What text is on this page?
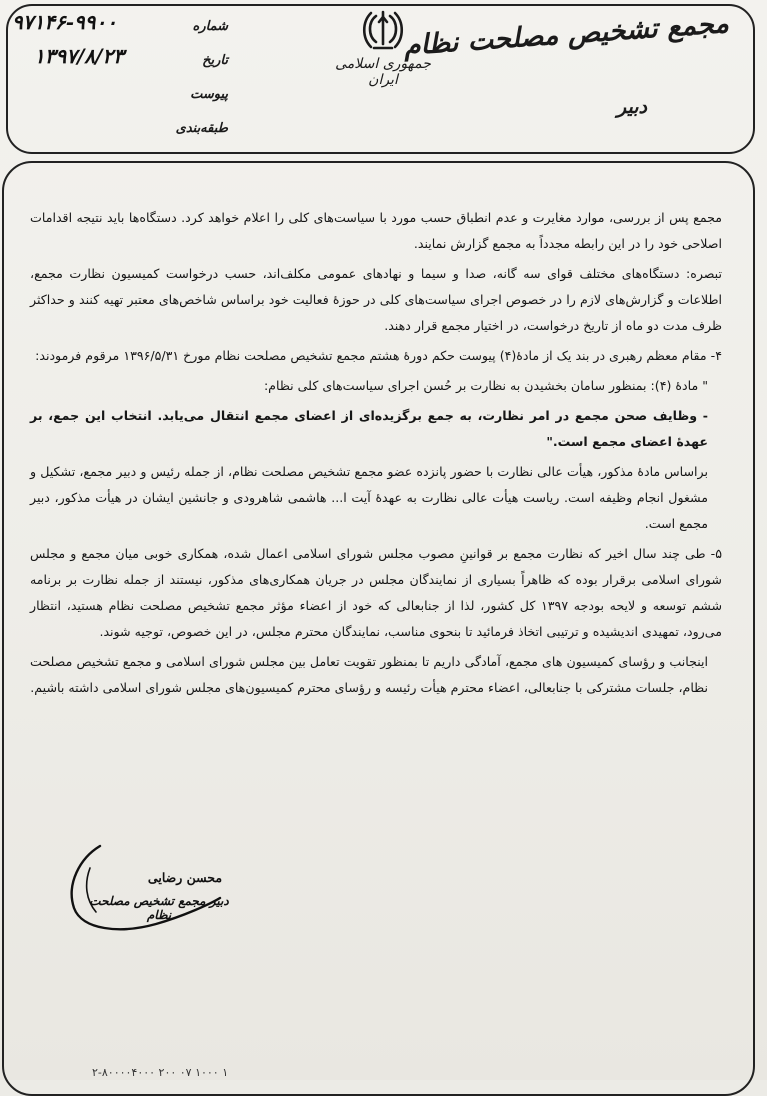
مجمع تشخیص مصلحت نظام
دبیر
جمهوری اسلامی ایران
شماره
تاریخ
پیوست
طبقه‌بندی
۹۷۱۴۶-۹۹۰۰
۱۳۹۷/۸/۲۳

مجمع پس از بررسی، موارد مغایرت و عدم انطباق حسب مورد با سیاست‌های کلی را اعلام خواهد کرد. دستگاه‌ها باید نتیجه اقدامات اصلاحی خود را در این رابطه مجدداً به مجمع گزارش نمایند.

تبصره: دستگاه‌های مختلف قوای سه گانه، صدا و سیما و نهادهای عمومی مکلف‌اند، حسب درخواست کمیسیون نظارت مجمع، اطلاعات و گزارش‌های لازم را در خصوص اجرای سیاست‌های کلی در حوزۀ فعالیت خود براساس شاخص‌های معتبر تهیه کنند و حداکثر ظرف مدت دو ماه از تاریخ درخواست، در اختیار مجمع قرار دهند.

۴- مقام معظم رهبری در بند یک از مادۀ(۴) پیوست حکم دورۀ هشتم مجمع تشخیص مصلحت نظام مورخ ۱۳۹۶/۵/۳۱ مرقوم فرمودند:

" مادۀ (۴): بمنظور سامان بخشیدن به نظارت بر حُسن اجرای سیاست‌های کلی نظام:

- وظایف صحن مجمع در امر نظارت، به جمع برگزیده‌ای از اعضای مجمع انتقال می‌یابد. انتخاب این جمع، بر عهدۀ اعضای مجمع است."

براساس مادۀ مذکور، هیأت عالی نظارت با حضور پانزده عضو مجمع تشخیص مصلحت نظام، از جمله رئیس و دبیر مجمع، تشکیل و مشغول انجام وظیفه است. ریاست هیأت عالی نظارت به عهدۀ آیت ا... هاشمی شاهرودی و جانشین ایشان در هیأت مذکور، دبیر مجمع است.

۵- طی چند سال اخیر که نظارت مجمع بر قوانینِ مصوب مجلس شورای اسلامی اعمال شده، همکاری خوبی میان مجمع و مجلس شورای اسلامی برقرار بوده که ظاهراً بسیاری از نمایندگان مجلس در جریان همکاری‌های مذکور، نیستند از جمله نظارت بر برنامه ششم توسعه و لایحه بودجه ۱۳۹۷ کل کشور، لذا از جنابعالی که خود از اعضاء مؤثر مجمع تشخیص مصلحت نظام هستید، انتظار می‌رود، تمهیدی اندیشیده و ترتیبی اتخاذ فرمائید تا بنحوی مناسب، نمایندگان محترم مجلس، در این خصوص، توجیه شوند.

اینجانب و رؤسای کمیسیون های مجمع، آمادگی داریم تا بمنظور تقویت تعامل بین مجلس شورای اسلامی و مجمع تشخیص مصلحت نظام، جلسات مشترکی با جنابعالی، اعضاء محترم هیأت رئیسه و رؤسای محترم کمیسیون‌های مجلس شورای اسلامی داشته باشیم.

محسن رضایی
دبیر مجمع تشخیص مصلحت نظام
۲-۸۰۰۰۰۴۰۰۰ ۲۰۰ ۰۷ ۱۰۰۰ ۱
